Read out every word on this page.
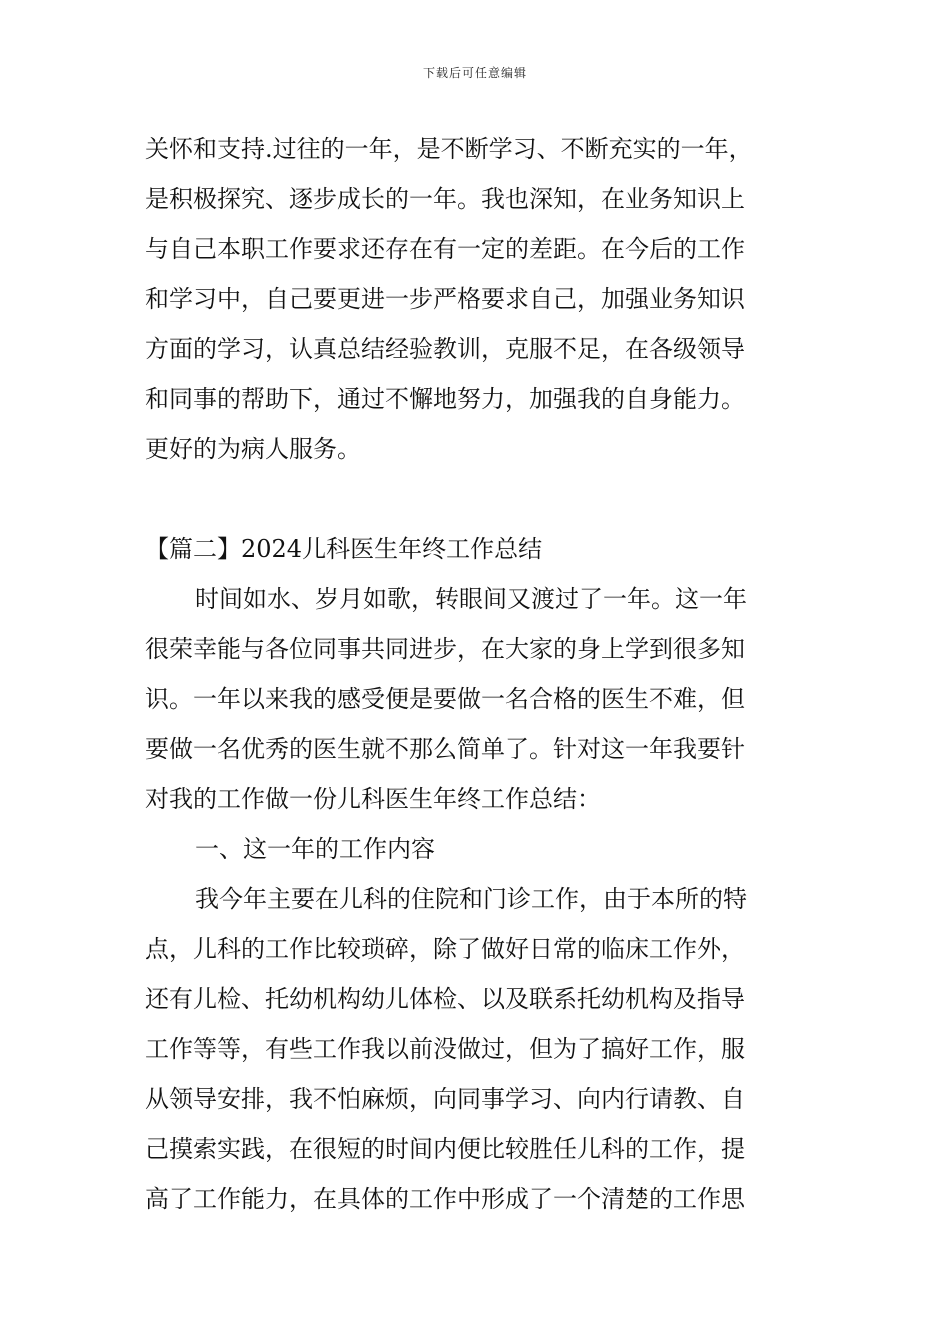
下载后可任意编辑
关怀和支持.过往的一年，是不断学习、不断充实的一年，
是积极探究、逐步成长的一年。我也深知，在业务知识上
与自己本职工作要求还存在有一定的差距。在今后的工作
和学习中，自己要更进一步严格要求自己，加强业务知识
方面的学习，认真总结经验教训，克服不足，在各级领导
和同事的帮助下，通过不懈地努力，加强我的自身能力。
更好的为病人服务。
【篇二】2024儿科医生年终工作总结
时间如水、岁月如歌，转眼间又渡过了一年。这一年
很荣幸能与各位同事共同进步，在大家的身上学到很多知
识。一年以来我的感受便是要做一名合格的医生不难，但
要做一名优秀的医生就不那么简单了。针对这一年我要针
对我的工作做一份儿科医生年终工作总结：
一、这一年的工作内容
我今年主要在儿科的住院和门诊工作，由于本所的特
点，儿科的工作比较琐碎，除了做好日常的临床工作外，
还有儿检、托幼机构幼儿体检、以及联系托幼机构及指导
工作等等，有些工作我以前没做过，但为了搞好工作，服
从领导安排，我不怕麻烦，向同事学习、向内行请教、自
己摸索实践，在很短的时间内便比较胜任儿科的工作，提
高了工作能力，在具体的工作中形成了一个清楚的工作思
